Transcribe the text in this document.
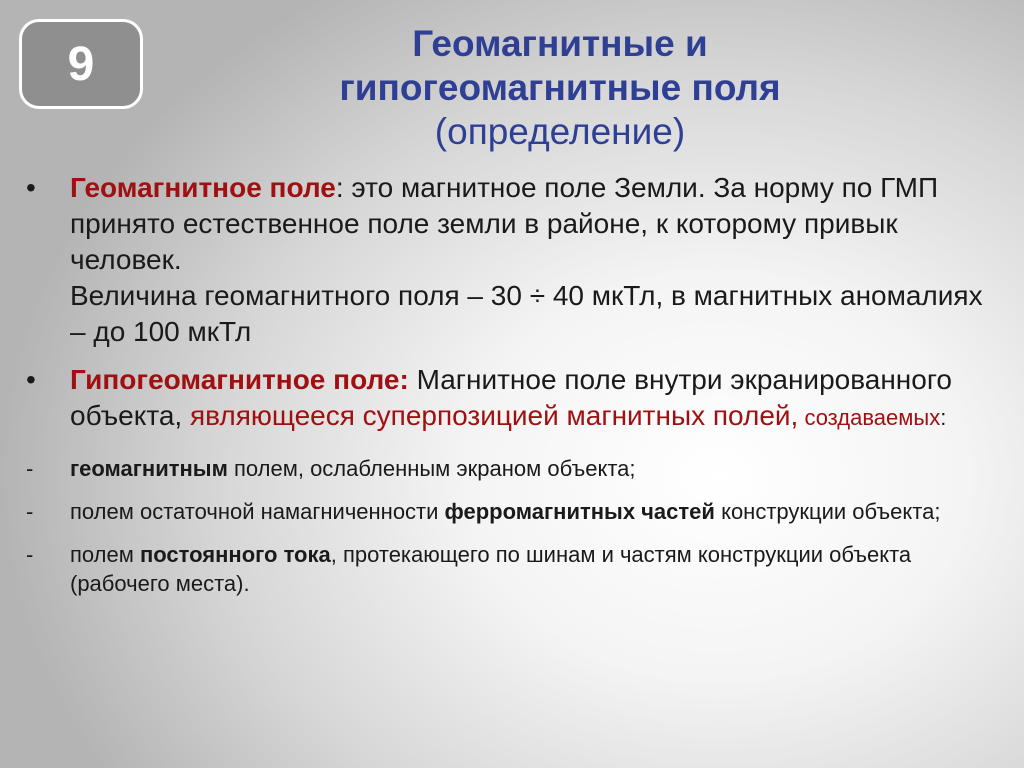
9	Геомагнитные и
гипогеомагнитные поля
(определение)
•	Геомагнитное поле: это магнитное поле Земли. За норму по ГМП принято естественное поле земли в районе, к которому привык человек.
Величина геомагнитного поля – 30 ÷ 40 мкТл, в магнитных аномалиях – до 100 мкТл
•	Гипогеомагнитное поле: Магнитное поле внутри экранированного объекта, являющееся суперпозицией магнитных полей, создаваемых:
-	геомагнитным полем, ослабленным экраном объекта;
-	полем остаточной намагниченности ферромагнитных частей конструкции объекта;
-	полем постоянного тока, протекающего по шинам и частям конструкции объекта (рабочего места).
